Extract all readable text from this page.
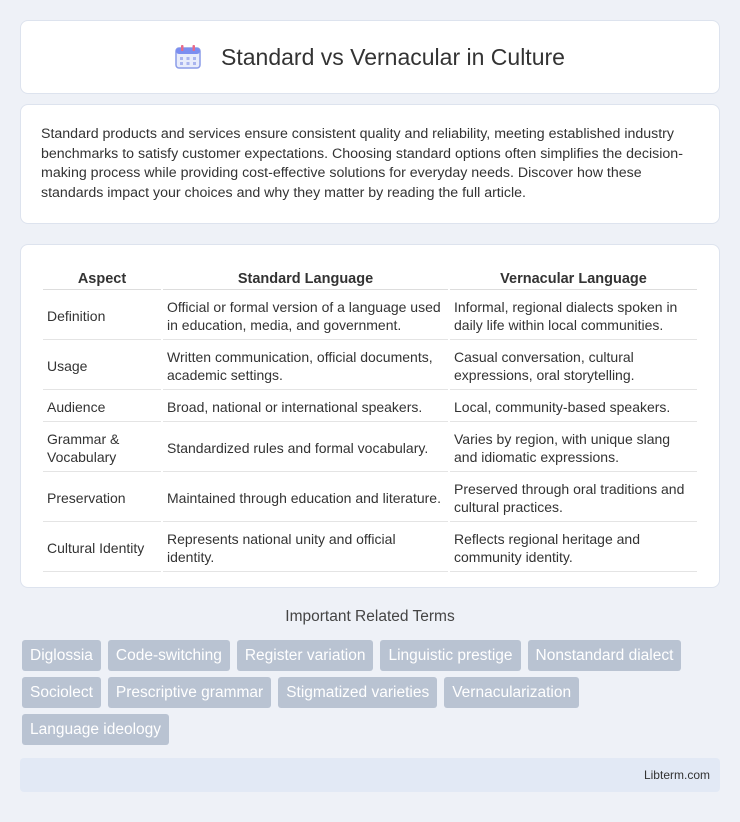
Standard vs Vernacular in Culture

Standard products and services ensure consistent quality and reliability, meeting established industry benchmarks to satisfy customer expectations. Choosing standard options often simplifies the decision-making process while providing cost-effective solutions for everyday needs. Discover how these standards impact your choices and why they matter by reading the full article.

Aspect	Standard Language	Vernacular Language
Definition	Official or formal version of a language used in education, media, and government.	Informal, regional dialects spoken in daily life within local communities.
Usage	Written communication, official documents, academic settings.	Casual conversation, cultural expressions, oral storytelling.
Audience	Broad, national or international speakers.	Local, community-based speakers.
Grammar & Vocabulary	Standardized rules and formal vocabulary.	Varies by region, with unique slang and idiomatic expressions.
Preservation	Maintained through education and literature.	Preserved through oral traditions and cultural practices.
Cultural Identity	Represents national unity and official identity.	Reflects regional heritage and community identity.
Important Related Terms
Diglossia	Code-switching	Register variation	Linguistic prestige	Nonstandard dialect
Sociolect	Prescriptive grammar	Stigmatized varieties	Vernacularization
Language ideology
Libterm.com
